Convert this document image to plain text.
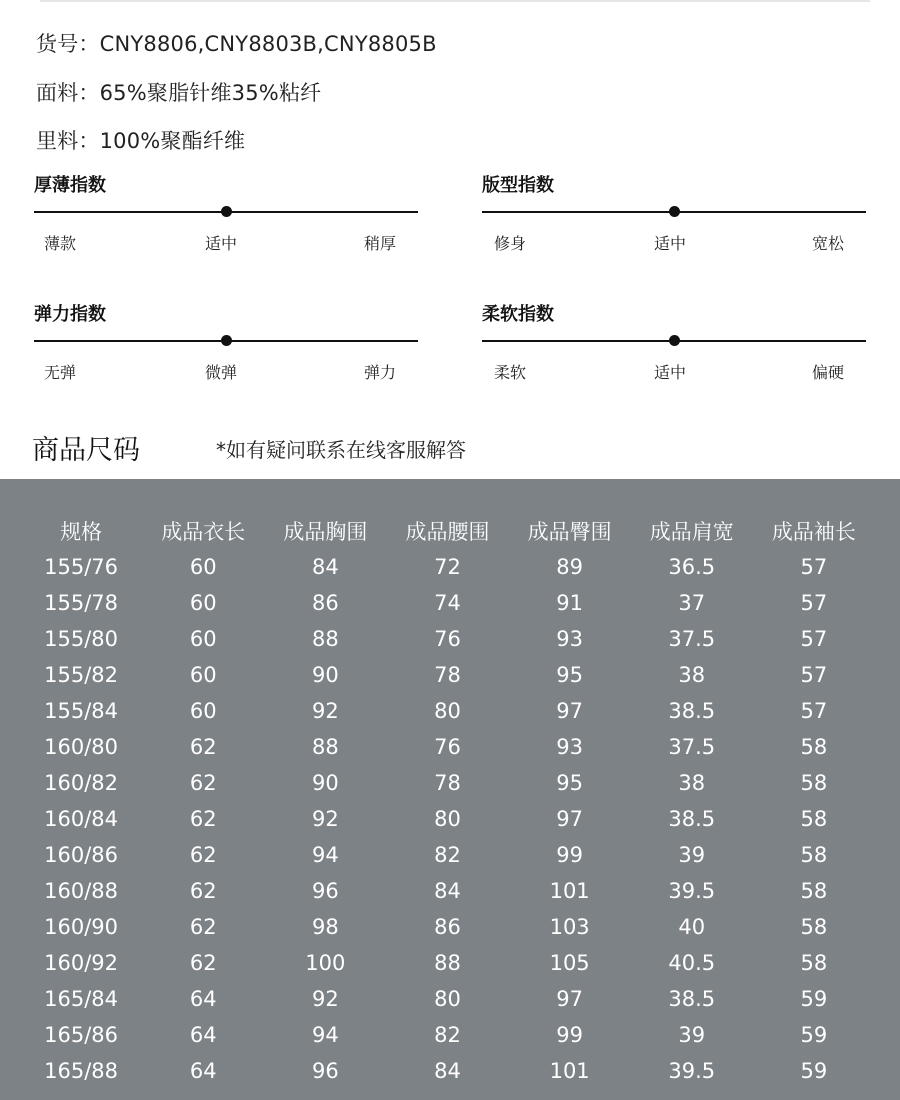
货号：CNY8806,CNY8803B,CNY8805B
面料：65%聚脂针维35%粘纤
里料：100%聚酯纤维
厚薄指数
薄款	适中	稍厚
版型指数
修身	适中	宽松
弹力指数
无弹	微弹	弹力
柔软指数
柔软	适中	偏硬
商品尺码	*如有疑问联系在线客服解答
规格	成品衣长	成品胸围	成品腰围	成品臀围	成品肩宽	成品袖长
155/76	60	84	72	89	36.5	57
155/78	60	86	74	91	37	57
155/80	60	88	76	93	37.5	57
155/82	60	90	78	95	38	57
155/84	60	92	80	97	38.5	57
160/80	62	88	76	93	37.5	58
160/82	62	90	78	95	38	58
160/84	62	92	80	97	38.5	58
160/86	62	94	82	99	39	58
160/88	62	96	84	101	39.5	58
160/90	62	98	86	103	40	58
160/92	62	100	88	105	40.5	58
165/84	64	92	80	97	38.5	59
165/86	64	94	82	99	39	59
165/88	64	96	84	101	39.5	59
